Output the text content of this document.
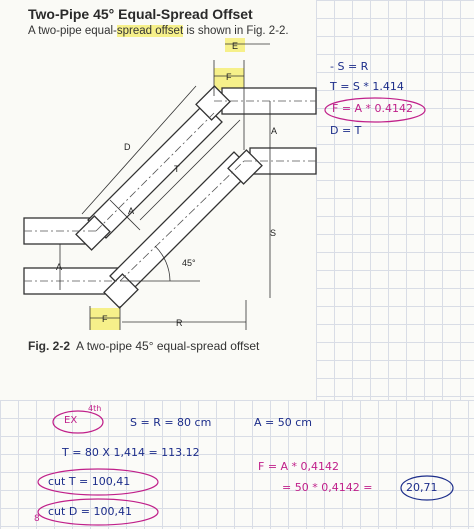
Two-Pipe 45° Equal-Spread Offset
A two-pipe equal-spread offset is shown in Fig. 2-2.
F
E
A
D
T
S
R
A
A
F
45°
Fig. 2-2 A two-pipe 45° equal-spread offset
- S = R
T = S * 1.414
F = A * 0.4142
D = T
EX
4th
S = R = 80 cm	A = 50 cm
T = 80 X 1,414 = 113.12
cut T = 100,41
cut D = 100,41
F = A * 0,4142
= 50 * 0,4142 =	20,71
8
